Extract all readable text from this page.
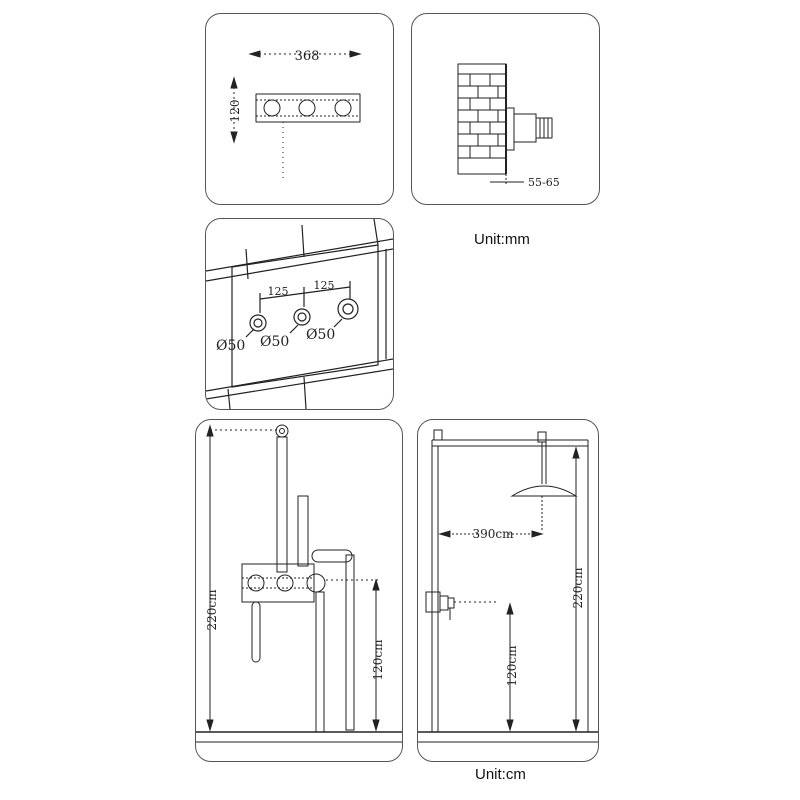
368
120
55-65
Unit:mm
125 125
Ø50 Ø50 Ø50
220cm
120cm
390cm
120cm
220cm
Unit:cm
